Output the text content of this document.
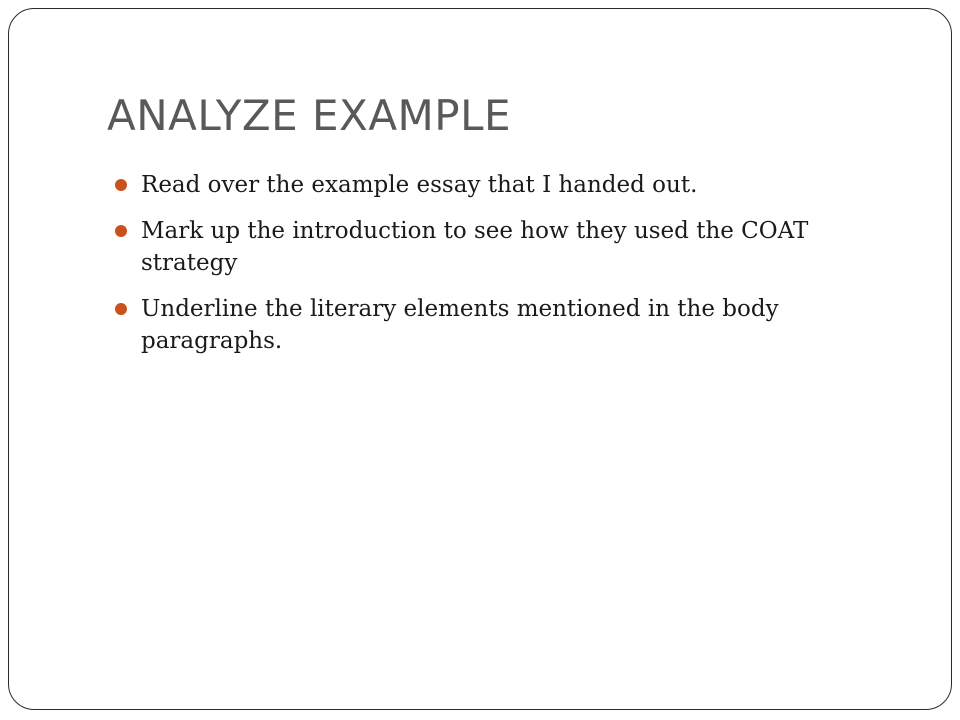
ANALYZE EXAMPLE
Read over the example essay that I handed out.
Mark up the introduction to see how they used the COAT strategy
Underline the literary elements mentioned in the body paragraphs.
